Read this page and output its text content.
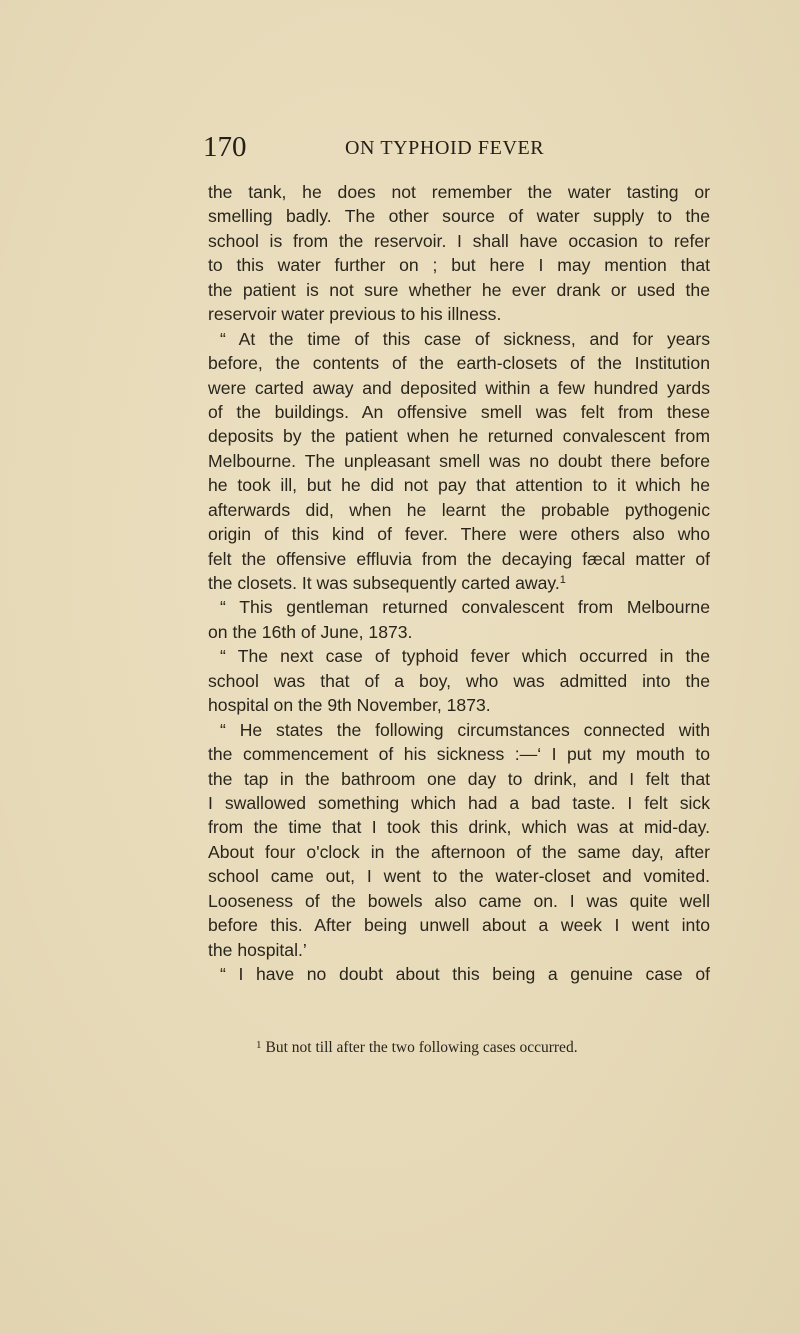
170	ON TYPHOID FEVER
the tank, he does not remember the water tasting or
smelling badly. The other source of water supply to the
school is from the reservoir. I shall have occasion to refer
to this water further on ; but here I may mention that
the patient is not sure whether he ever drank or used the
reservoir water previous to his illness.
“ At the time of this case of sickness, and for years
before, the contents of the earth-closets of the Institution
were carted away and deposited within a few hundred yards
of the buildings. An offensive smell was felt from these
deposits by the patient when he returned convalescent from
Melbourne. The unpleasant smell was no doubt there before
he took ill, but he did not pay that attention to it which he
afterwards did, when he learnt the probable pythogenic
origin of this kind of fever. There were others also who
felt the offensive effluvia from the decaying fæcal matter of
the closets. It was subsequently carted away.$^1$
“ This gentleman returned convalescent from Melbourne
on the 16th of June, 1873.
“ The next case of typhoid fever which occurred in the
school was that of a boy, who was admitted into the
hospital on the 9th November, 1873.
“ He states the following circumstances connected with
the commencement of his sickness :—‘ I put my mouth to
the tap in the bathroom one day to drink, and I felt that
I swallowed something which had a bad taste. I felt sick
from the time that I took this drink, which was at mid-day.
About four o'clock in the afternoon of the same day, after
school came out, I went to the water-closet and vomited.
Looseness of the bowels also came on. I was quite well
before this. After being unwell about a week I went into
the hospital.’
“ I have no doubt about this being a genuine case of
$^1$ But not till after the two following cases occurred.
